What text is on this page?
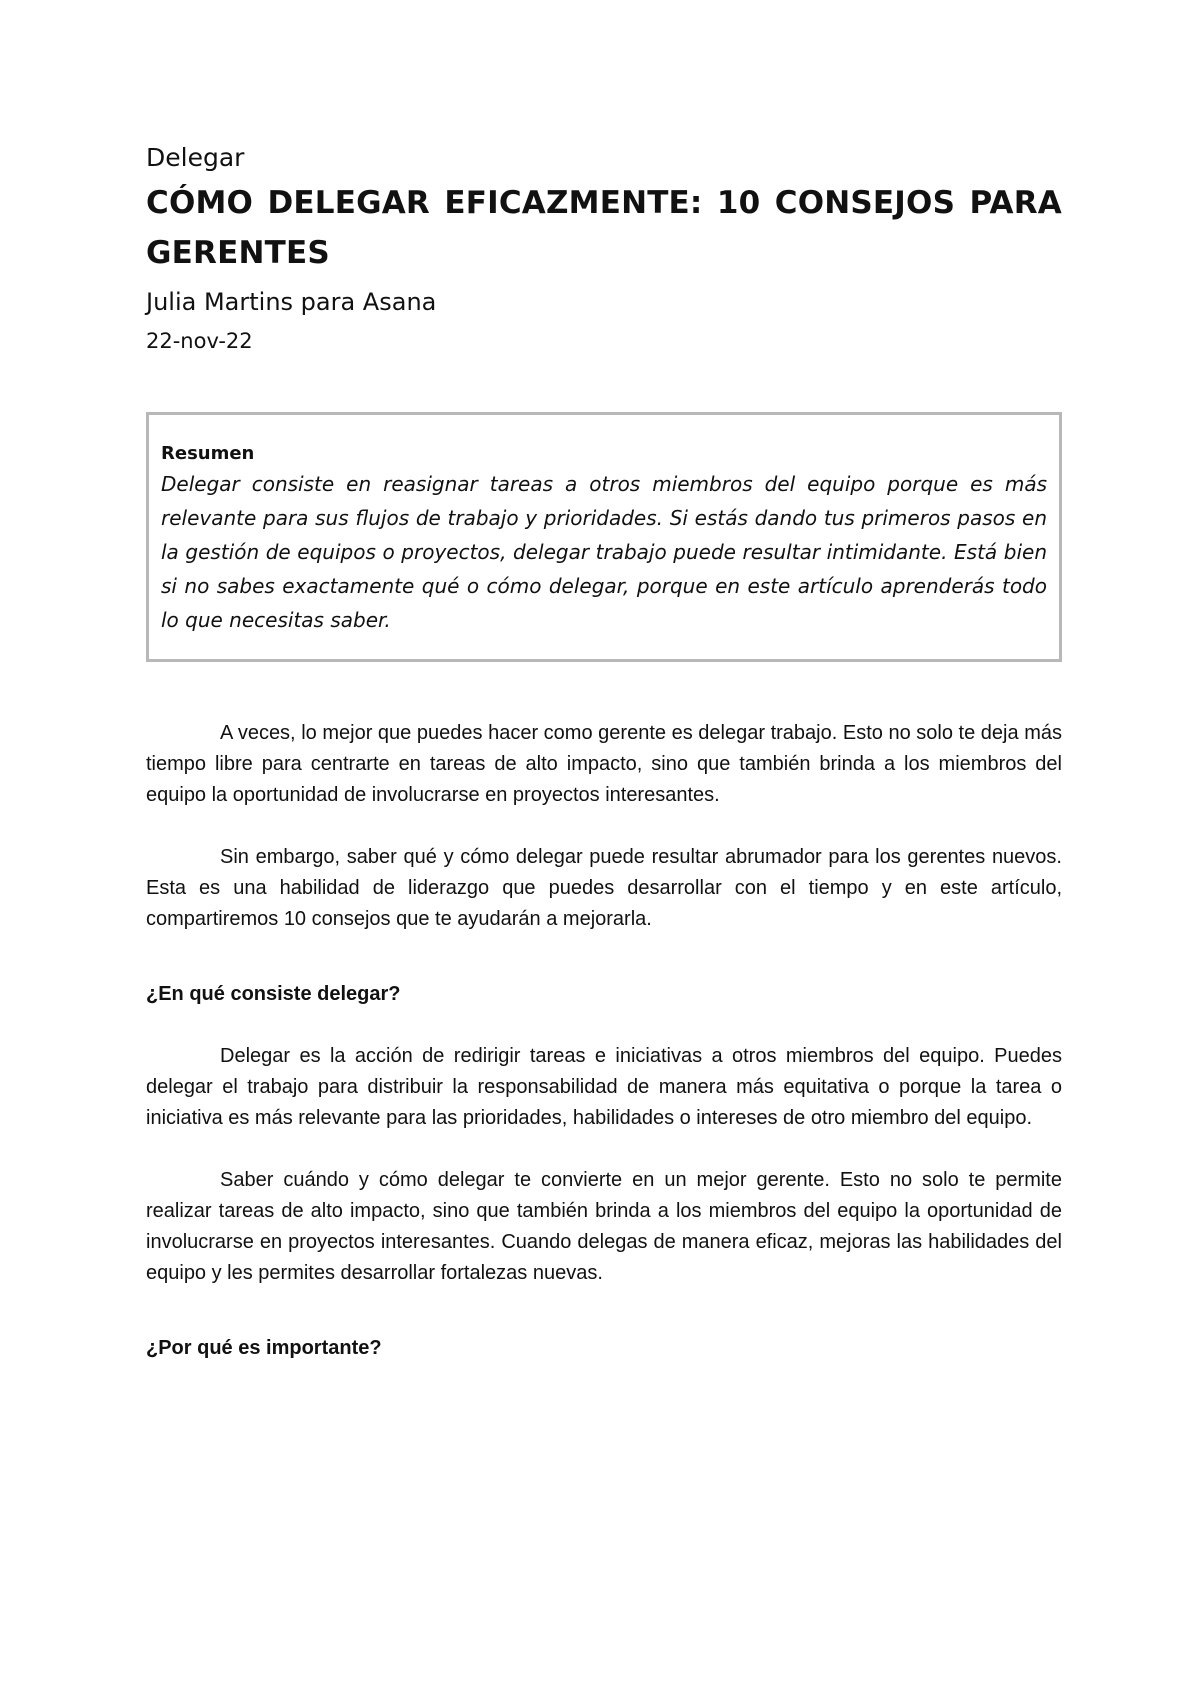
Delegar

CÓMO DELEGAR EFICAZMENTE: 10 CONSEJOS PARA GERENTES

Julia Martins para Asana

22-nov-22

Resumen

Delegar consiste en reasignar tareas a otros miembros del equipo porque es más relevante para sus flujos de trabajo y prioridades. Si estás dando tus primeros pasos en la gestión de equipos o proyectos, delegar trabajo puede resultar intimidante. Está bien si no sabes exactamente qué o cómo delegar, porque en este artículo aprenderás todo lo que necesitas saber.

A veces, lo mejor que puedes hacer como gerente es delegar trabajo. Esto no solo te deja más tiempo libre para centrarte en tareas de alto impacto, sino que también brinda a los miembros del equipo la oportunidad de involucrarse en proyectos interesantes.

Sin embargo, saber qué y cómo delegar puede resultar abrumador para los gerentes nuevos. Esta es una habilidad de liderazgo que puedes desarrollar con el tiempo y en este artículo, compartiremos 10 consejos que te ayudarán a mejorarla.

¿En qué consiste delegar?

Delegar es la acción de redirigir tareas e iniciativas a otros miembros del equipo. Puedes delegar el trabajo para distribuir la responsabilidad de manera más equitativa o porque la tarea o iniciativa es más relevante para las prioridades, habilidades o intereses de otro miembro del equipo.

Saber cuándo y cómo delegar te convierte en un mejor gerente. Esto no solo te permite realizar tareas de alto impacto, sino que también brinda a los miembros del equipo la oportunidad de involucrarse en proyectos interesantes. Cuando delegas de manera eficaz, mejoras las habilidades del equipo y les permites desarrollar fortalezas nuevas.

¿Por qué es importante?
